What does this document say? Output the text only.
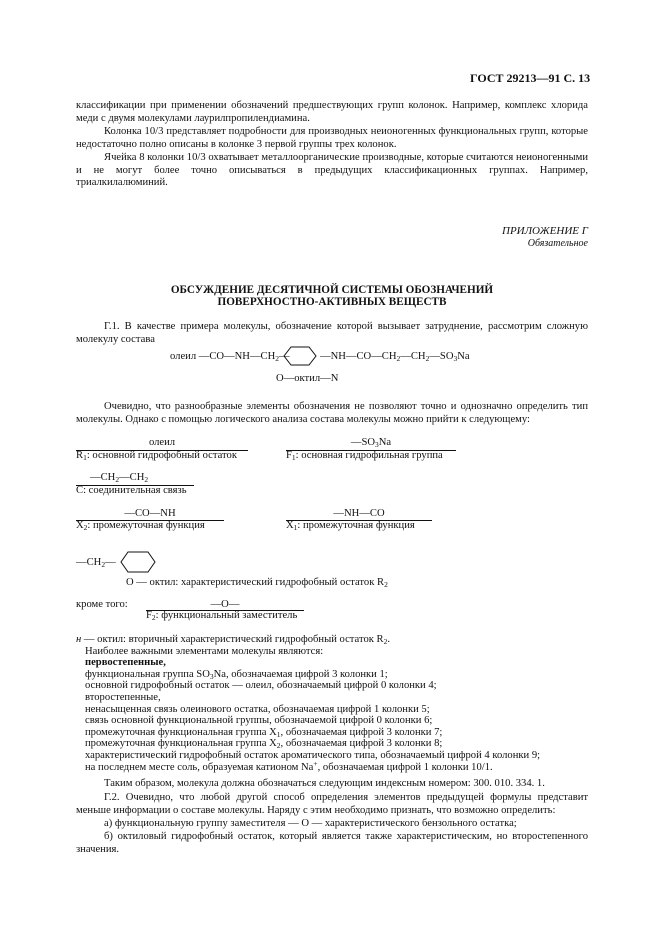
ГОСТ 29213—91 С. 13
классификации при применении обозначений предшествующих групп колонок. Например, комплекс хлорида меди с двумя молекулами лаурилпропилендиамина.
Колонка 10/3 представляет подробности для производных неионогенных функциональных групп, которые недостаточно полно описаны в колонке 3 первой группы трех колонок.
Ячейка 8 колонки 10/3 охватывает металлоорганические производные, которые считаются неионогенными и не могут более точно описываться в предыдущих классификационных группах. Например, триалкилалюминий.
ПРИЛОЖЕНИЕ Г
Обязательное
ОБСУЖДЕНИЕ ДЕСЯТИЧНОЙ СИСТЕМЫ ОБОЗНАЧЕНИЙ
ПОВЕРХНОСТНО-АКТИВНЫХ ВЕЩЕСТВ
Г.1. В качестве примера молекулы, обозначение которой вызывает затруднение, рассмотрим сложную молекулу состава
олеил $—CO—NH—CH_2—$	$—NH—CO—CH_2—CH_2—SO_3Na$
O—октил—N
Очевидно, что разнообразные элементы обозначения не позволяют точно и однозначно определить тип молекулы. Однако с помощью логического анализа состава молекулы можно прийти к следующему:
олеил
$R_1$: основной гидрофобный остаток
$—SO_3Na$
$F_1$: основная гидрофильная группа
$—CH_2—CH_2$
C: соединительная связь
—CO—NH
$X_2$: промежуточная функция
—NH—CO
$X_1$: промежуточная функция
$—CH_2—$
O — октил: характеристический гидрофобный остаток $R_2$
кроме того:	—O—
$F_2$: функциональный заместитель
н — октил: вторичный характеристический гидрофобный остаток $R_2$.
Наиболее важными элементами молекулы являются:
первостепенные,
функциональная группа $SO_3Na$, обозначаемая цифрой 3 колонки 1;
основной гидрофобный остаток — олеил, обозначаемый цифрой 0 колонки 4;
второстепенные,
ненасыщенная связь олеинового остатка, обозначаемая цифрой 1 колонки 5;
связь основной функциональной группы, обозначаемой цифрой 0 колонки 6;
промежуточная функциональная группа $X_1$, обозначаемая цифрой 3 колонки 7;
промежуточная функциональная группа $X_2$, обозначаемая цифрой 3 колонки 8;
характеристический гидрофобный остаток ароматического типа, обозначаемый цифрой 4 колонки 9;
на последнем месте соль, образуемая катионом Na+, обозначаемая цифрой 1 колонки 10/1.
Таким образом, молекула должна обозначаться следующим индексным номером: 300. 010. 334. 1.
Г.2. Очевидно, что любой другой способ определения элементов предыдущей формулы представит меньше информации о составе молекулы. Наряду с этим необходимо признать, что возможно определить:
а) функциональную группу заместителя — O — характеристического бензольного остатка;
б) октиловый гидрофобный остаток, который является также характеристическим, но второстепенного значения.
